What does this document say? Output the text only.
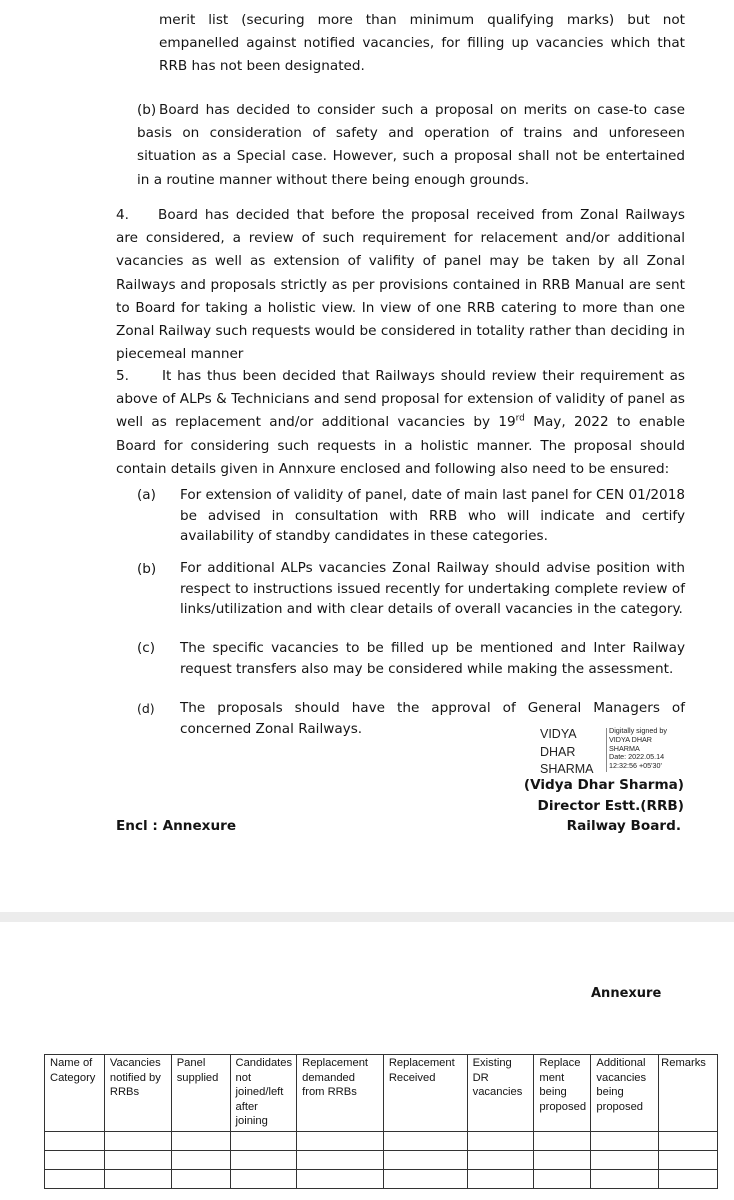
merit list (securing more than minimum qualifying marks) but not empanelled against notified vacancies, for filling up vacancies which that RRB has not been designated.

(b) Board has decided to consider such a proposal on merits on case-to case basis on consideration of safety and operation of trains and unforeseen situation as a Special case. However, such a proposal shall not be entertained in a routine manner without there being enough grounds.

4. Board has decided that before the proposal received from Zonal Railways are considered, a review of such requirement for relacement and/or additional vacancies as well as extension of valifity of panel may be taken by all Zonal Railways and proposals strictly as per provisions contained in RRB Manual are sent to Board for taking a holistic view. In view of one RRB catering to more than one Zonal Railway such requests would be considered in totality rather than deciding in piecemeal manner

5. It has thus been decided that Railways should review their requirement as above of ALPs & Technicians and send proposal for extension of validity of panel as well as replacement and/or additional vacancies by 19rd May, 2022 to enable Board for considering such requests in a holistic manner. The proposal should contain details given in Annxure enclosed and following also need to be ensured:

(a) For extension of validity of panel, date of main last panel for CEN 01/2018 be advised in consultation with RRB who will indicate and certify availability of standby candidates in these categories.

(b) For additional ALPs vacancies Zonal Railway should advise position with respect to instructions issued recently for undertaking complete review of links/utilization and with clear details of overall vacancies in the category.

(c) The specific vacancies to be filled up be mentioned and Inter Railway request transfers also may be considered while making the assessment.

(d) The proposals should have the approval of General Managers of concerned Zonal Railways.	VIDYA
DHAR
SHARMA
Digitally signed by
VIDYA DHAR
SHARMA
Date: 2022.05.14
12:32:56 +05'30'
(Vidya Dhar Sharma)
Director Estt.(RRB)
Encl : Annexure	Railway Board.
Annexure
Name of Category	Vacancies notified by RRBs	Panel supplied	Candidates not joined/left after joining	Replacement demanded from RRBs	Replacement Received	Existing DR vacancies	Replace ment being proposed	Additional vacancies being proposed	Remarks
